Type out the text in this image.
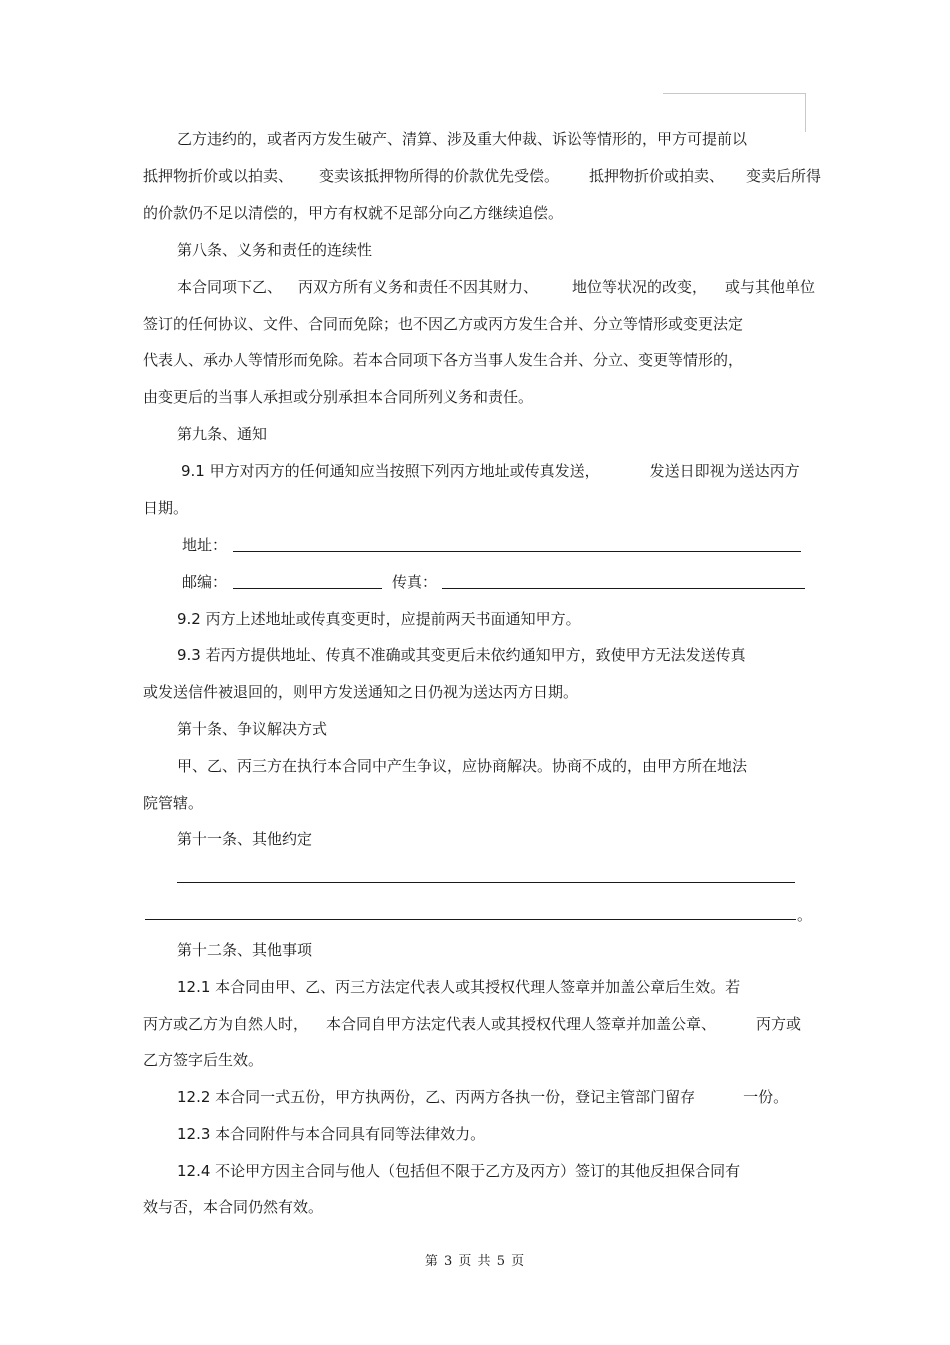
乙方违约的，或者丙方发生破产、清算、涉及重大仲裁、诉讼等情形的，甲方可提前以
抵押物折价或以拍卖、 变卖该抵押物所得的价款优先受偿。 抵押物折价或拍卖、 变卖后所得
的价款仍不足以清偿的，甲方有权就不足部分向乙方继续追偿。
第八条、义务和责任的连续性
本合同项下乙、 丙双方所有义务和责任不因其财力、 地位等状况的改变， 或与其他单位
签订的任何协议、文件、合同而免除；也不因乙方或丙方发生合并、分立等情形或变更法定
代表人、承办人等情形而免除。若本合同项下各方当事人发生合并、分立、变更等情形的，
由变更后的当事人承担或分别承担本合同所列义务和责任。
第九条、通知
9.1 甲方对丙方的任何通知应当按照下列丙方地址或传真发送，	发送日即视为送达丙方
日期。
地址：
邮编：	传真：
9.2 丙方上述地址或传真变更时，应提前两天书面通知甲方。
9.3 若丙方提供地址、传真不准确或其变更后未依约通知甲方，致使甲方无法发送传真
或发送信件被退回的，则甲方发送通知之日仍视为送达丙方日期。
第十条、争议解决方式
甲、乙、丙三方在执行本合同中产生争议，应协商解决。协商不成的，由甲方所在地法
院管辖。
第十一条、其他约定
。
第十二条、其他事项
12.1 本合同由甲、乙、丙三方法定代表人或其授权代理人签章并加盖公章后生效。若
丙方或乙方为自然人时， 本合同自甲方法定代表人或其授权代理人签章并加盖公章、	丙方或
乙方签字后生效。
12.2 本合同一式五份，甲方执两份，乙、丙两方各执一份，登记主管部门留存	一份。
12.3 本合同附件与本合同具有同等法律效力。
12.4 不论甲方因主合同与他人（包括但不限于乙方及丙方）签订的其他反担保合同有
效与否，本合同仍然有效。
第 3 页 共 5 页
